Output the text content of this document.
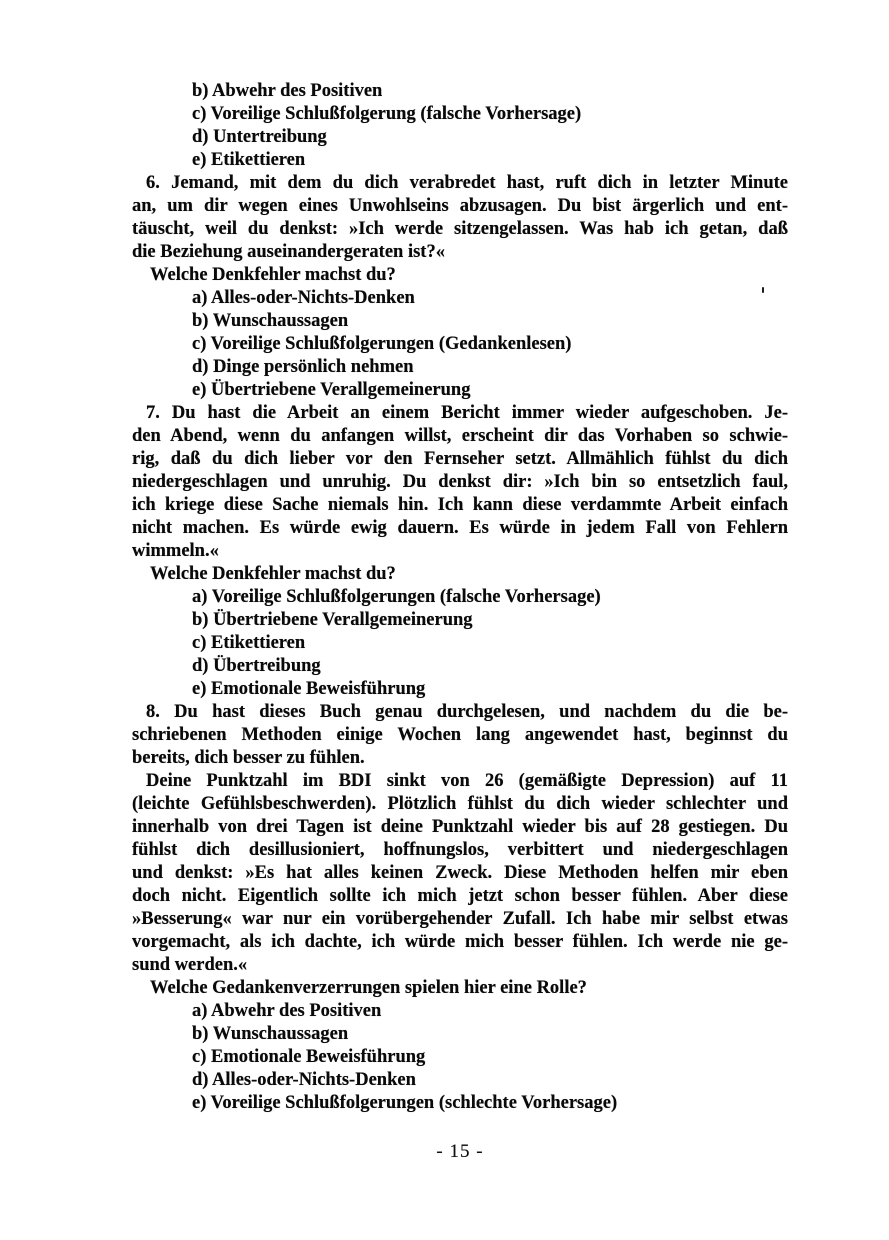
b) Abwehr des Positiven
c) Voreilige Schlußfolgerung (falsche Vorhersage)
d) Untertreibung
e) Etikettieren
6. Jemand, mit dem du dich verabredet hast, ruft dich in letzter Minute
an, um dir wegen eines Unwohlseins abzusagen. Du bist ärgerlich und ent-
täuscht, weil du denkst: »Ich werde sitzengelassen. Was hab ich getan, daß
die Beziehung auseinandergeraten ist?«
Welche Denkfehler machst du?
a) Alles-oder-Nichts-Denken
b) Wunschaussagen
c) Voreilige Schlußfolgerungen (Gedankenlesen)
d) Dinge persönlich nehmen
e) Übertriebene Verallgemeinerung
7. Du hast die Arbeit an einem Bericht immer wieder aufgeschoben. Je-
den Abend, wenn du anfangen willst, erscheint dir das Vorhaben so schwie-
rig, daß du dich lieber vor den Fernseher setzt. Allmählich fühlst du dich
niedergeschlagen und unruhig. Du denkst dir: »Ich bin so entsetzlich faul,
ich kriege diese Sache niemals hin. Ich kann diese verdammte Arbeit einfach
nicht machen. Es würde ewig dauern. Es würde in jedem Fall von Fehlern
wimmeln.«
Welche Denkfehler machst du?
a) Voreilige Schlußfolgerungen (falsche Vorhersage)
b) Übertriebene Verallgemeinerung
c) Etikettieren
d) Übertreibung
e) Emotionale Beweisführung
8. Du hast dieses Buch genau durchgelesen, und nachdem du die be-
schriebenen Methoden einige Wochen lang angewendet hast, beginnst du
bereits, dich besser zu fühlen.
Deine Punktzahl im BDI sinkt von 26 (gemäßigte Depression) auf 11
(leichte Gefühlsbeschwerden). Plötzlich fühlst du dich wieder schlechter und
innerhalb von drei Tagen ist deine Punktzahl wieder bis auf 28 gestiegen. Du
fühlst dich desillusioniert, hoffnungslos, verbittert und niedergeschlagen
und denkst: »Es hat alles keinen Zweck. Diese Methoden helfen mir eben
doch nicht. Eigentlich sollte ich mich jetzt schon besser fühlen. Aber diese
»Besserung« war nur ein vorübergehender Zufall. Ich habe mir selbst etwas
vorgemacht, als ich dachte, ich würde mich besser fühlen. Ich werde nie ge-
sund werden.«
Welche Gedankenverzerrungen spielen hier eine Rolle?
a) Abwehr des Positiven
b) Wunschaussagen
c) Emotionale Beweisführung
d) Alles-oder-Nichts-Denken
e) Voreilige Schlußfolgerungen (schlechte Vorhersage)
- 15 -
